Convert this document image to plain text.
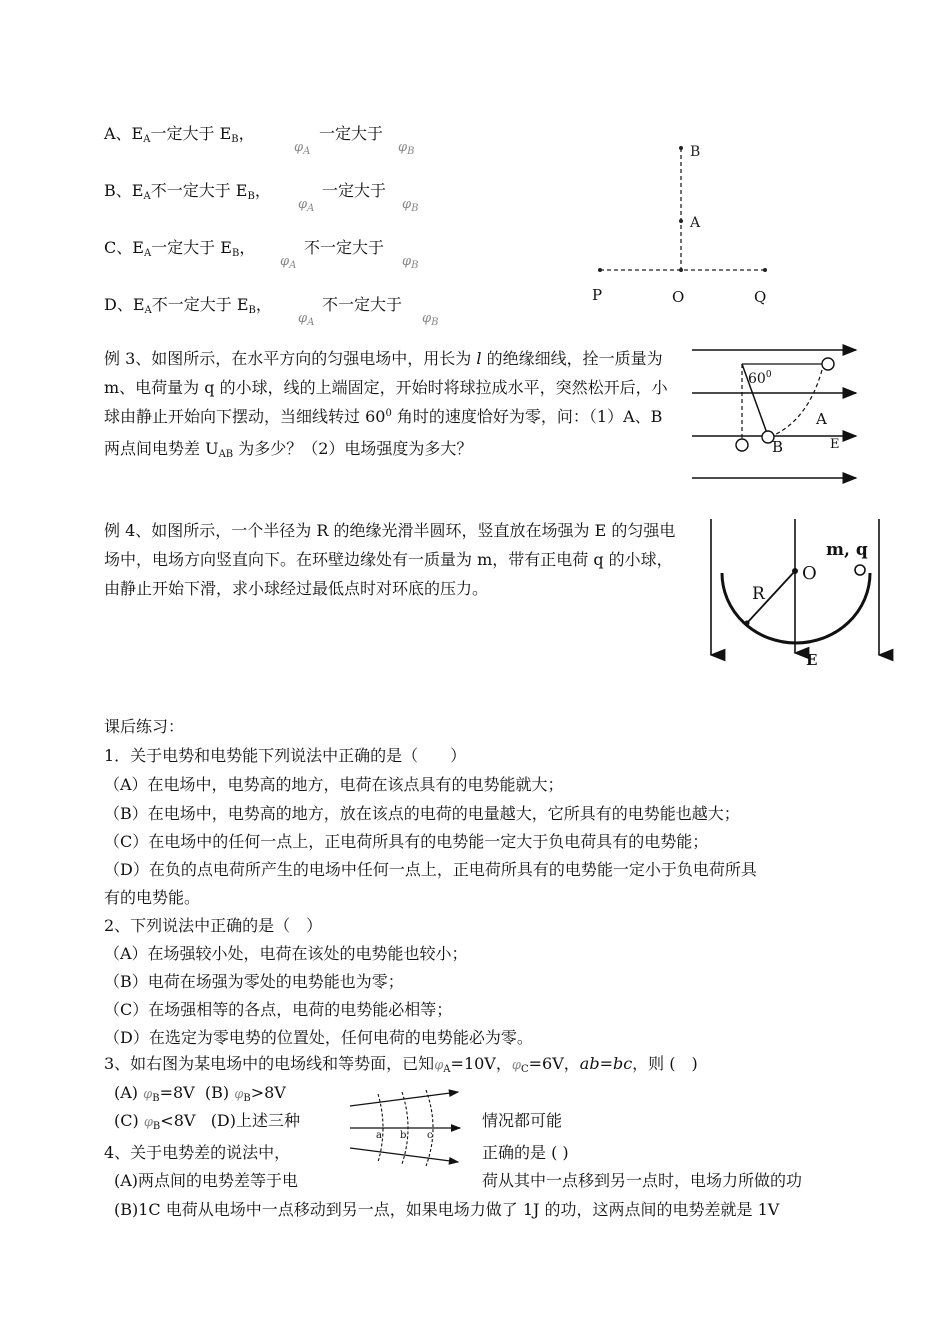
A、EA一定大于 EB，
$\varphi_A$
一定大于
$\varphi_B$
B、EA不一定大于 EB，
$\varphi_A$
一定大于
$\varphi_B$
C、EA一定大于 EB，
$\varphi_A$
不一定大于
$\varphi_B$
D、EA不一定大于 EB，
$\varphi_A$
不一定大于
$\varphi_B$
B
A
P	O	Q
例 3、如图所示，在水平方向的匀强电场中，用长为 l 的绝缘细线，拴一质量为 m、电荷量为 q 的小球，线的上端固定，开始时将球拉成水平，突然松开后，小球由静止开始向下摆动，当细线转过 $60^0$ 角时的速度恰好为零，问：（1）A、B 两点间电势差 UAB 为多少？（2）电场强度为多大？
$60^0$
A
B	E
例 4、如图所示，一个半径为 R 的绝缘光滑半圆环，竖直放在场强为 E 的匀强电场中，电场方向竖直向下。在环壁边缘处有一质量为 m，带有正电荷 q 的小球，由静止开始下滑，求小球经过最低点时对环底的压力。
O
R
m, q
E
课后练习：
1．关于电势和电势能下列说法中正确的是（　　）
（A）在电场中，电势高的地方，电荷在该点具有的电势能就大；
（B）在电场中，电势高的地方，放在该点的电荷的电量越大，它所具有的电势能也越大；
（C）在电场中的任何一点上，正电荷所具有的电势能一定大于负电荷具有的电势能；
（D）在负的点电荷所产生的电场中任何一点上，正电荷所具有的电势能一定小于负电荷所具
有的电势能。
2、下列说法中正确的是（　）
（A）在场强较小处，电荷在该处的电势能也较小；
（B）电荷在场强为零处的电势能也为零；
（C）在场强相等的各点，电荷的电势能必相等；
（D）在选定为零电势的位置处，任何电荷的电势能必为零。
3、如右图为某电场中的电场线和等势面，已知φA=10V，φC=6V，ab=bc，则 (　)
(A) φB=8V (B) φB>8V
(C) φB<8V (D)上述三种	情况都可能
a b c
4、关于电势差的说法中，	正确的是 ( )
(A)两点间的电势差等于电	荷从其中一点移到另一点时，电场力所做的功
(B)1C 电荷从电场中一点移动到另一点，如果电场力做了 1J 的功，这两点间的电势差就是 1V
